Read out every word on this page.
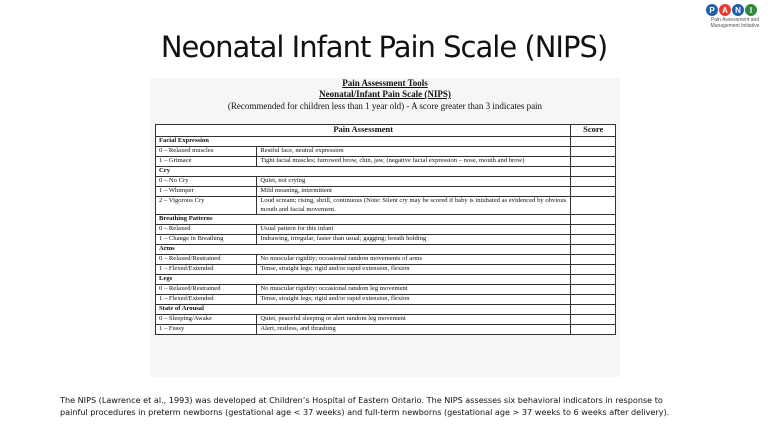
P A N	I
Pain Assessment and
Management Initiative
Neonatal Infant Pain Scale (NIPS)
Pain Assessment Tools
Neonatal/Infant Pain Scale (NIPS)
(Recommended for children less than 1 year old) - A score greater than 3 indicates pain
Pain Assessment		Score
Facial Expression		
0 – Relaxed muscles	Restful face, neutral expression	
1 – Grimace	Tight facial muscles; furrowed brow, chin, jaw, (negative facial expression – nose, mouth and brow)	
Cry		
0 – No Cry	Quiet, not crying	
1 – Whimper	Mild moaning, intermittent	
2 – Vigorous Cry	Loud scream; rising, shrill, continuous (Note: Silent cry may be scored if baby is intubated as evidenced by obvious mouth and facial movement.	
Breathing Patterns		
0 – Relaxed	Usual pattern for this infant	
1 – Change in Breathing	Indrawing, irregular, faster than usual; gagging; breath holding	
Arms		
0 – Relaxed/Restrained	No muscular rigidity; occasional random movements of arms	
1 – Flexed/Extended	Tense, straight legs; rigid and/or rapid extension, flexion	
Legs		
0 – Relaxed/Restrained	No muscular rigidity; occasional random leg movement	
1 – Flexed/Extended	Tense, straight legs; rigid and/or rapid extension, flexion	
State of Arousal		
0 – Sleeping/Awake	Quiet, peaceful sleeping or alert random leg movement	
1 – Fussy	Alert, restless, and thrashing	
The NIPS (Lawrence et al., 1993) was developed at Children’s Hospital of Eastern Ontario. The NIPS assesses six behavioral indicators in response to
painful procedures in preterm newborns (gestational age < 37 weeks) and full-term newborns (gestational age > 37 weeks to 6 weeks after delivery).
